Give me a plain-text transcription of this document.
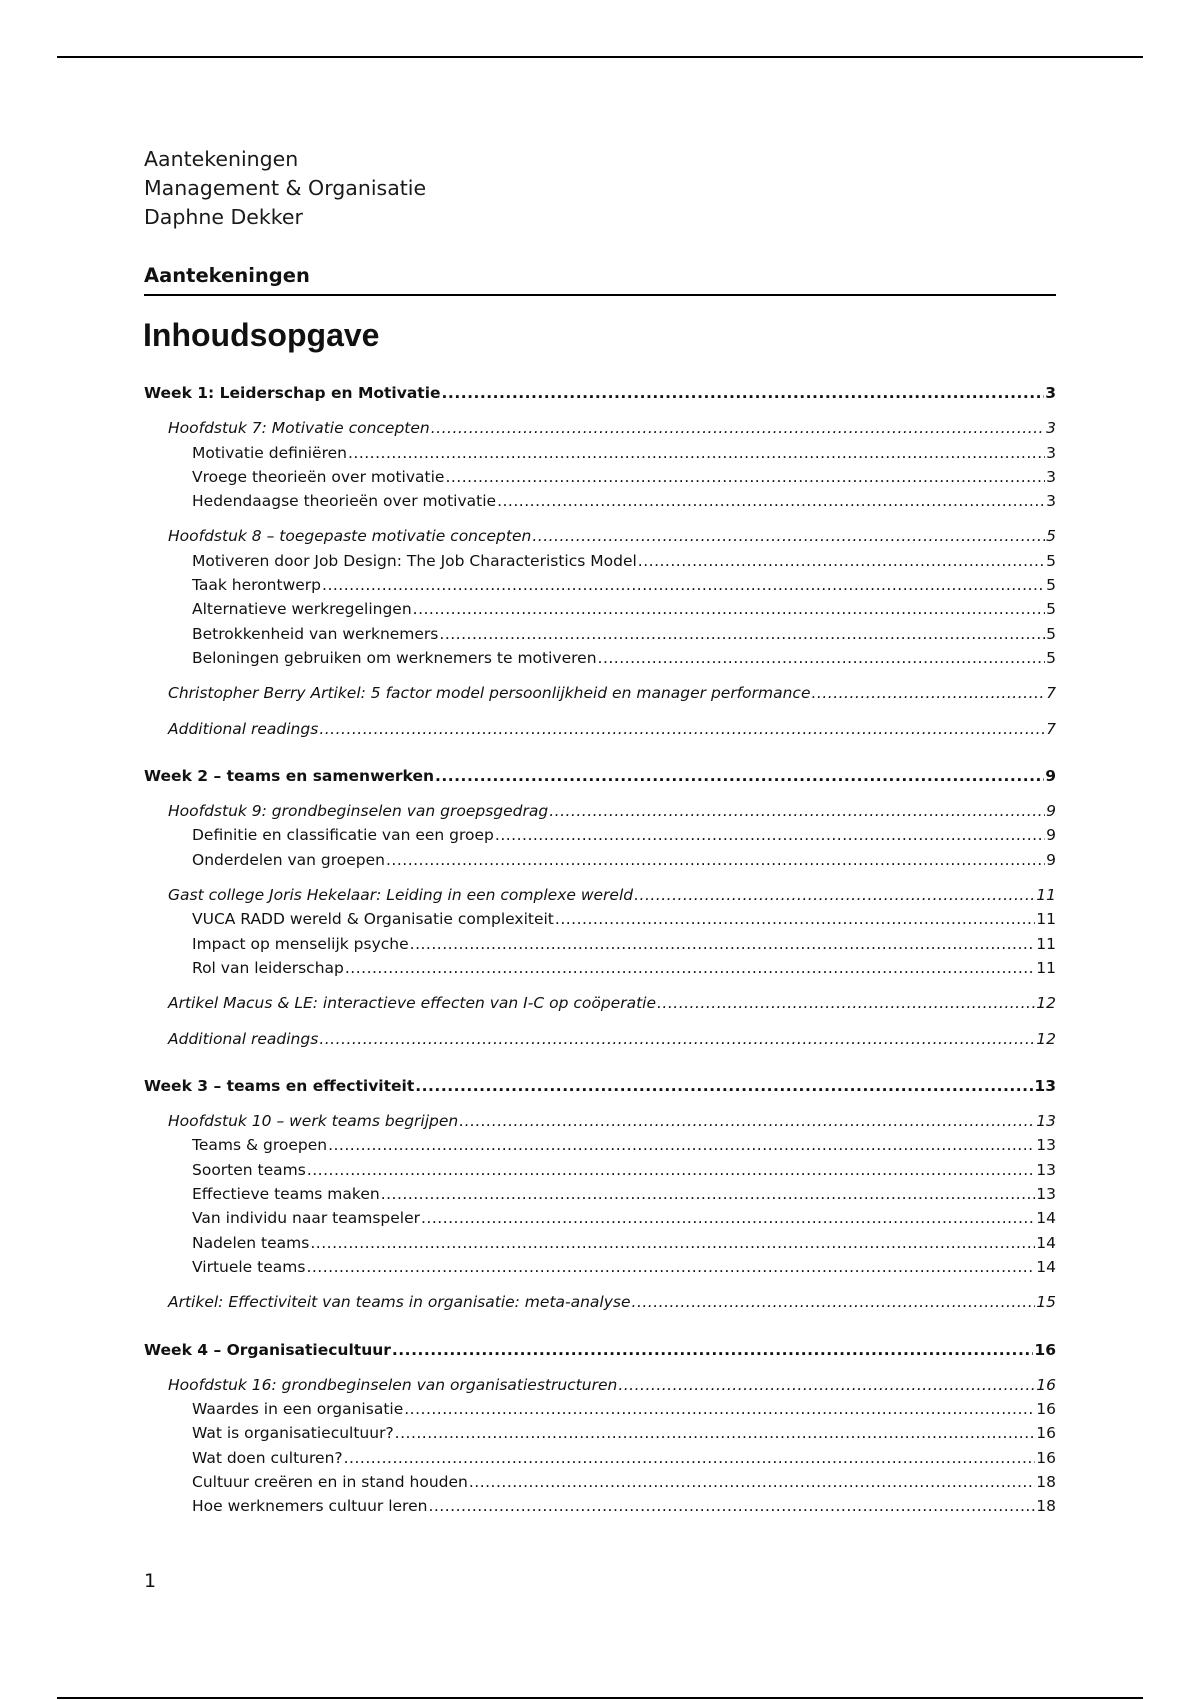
Aantekeningen
Management & Organisatie
Daphne Dekker
Aantekeningen
Inhoudsopgave
Week 1: Leiderschap en Motivatie .....	3
Hoofdstuk 7: Motivatie concepten .....	3
Motivatie definiëren .....	3
Vroege theorieën over motivatie .....	3
Hedendaagse theorieën over motivatie .....	3
Hoofdstuk 8 – toegepaste motivatie concepten .....	5
Motiveren door Job Design: The Job Characteristics Model .....	5
Taak herontwerp .....	5
Alternatieve werkregelingen .....	5
Betrokkenheid van werknemers .....	5
Beloningen gebruiken om werknemers te motiveren .....	5
Christopher Berry Artikel: 5 factor model persoonlijkheid en manager performance .....	7
Additional readings .....	7
Week 2 – teams en samenwerken .....	9
Hoofdstuk 9: grondbeginselen van groepsgedrag .....	9
Definitie en classificatie van een groep .....	9
Onderdelen van groepen .....	9
Gast college Joris Hekelaar: Leiding in een complexe wereld .....	11
VUCA RADD wereld & Organisatie complexiteit .....	11
Impact op menselijk psyche .....	11
Rol van leiderschap .....	11
Artikel Macus & LE: interactieve effecten van I-C op coöperatie .....	12
Additional readings .....	12
Week 3 – teams en effectiviteit .....	13
Hoofdstuk 10 – werk teams begrijpen .....	13
Teams & groepen .....	13
Soorten teams .....	13
Effectieve teams maken .....	13
Van individu naar teamspeler .....	14
Nadelen teams .....	14
Virtuele teams .....	14
Artikel: Effectiviteit van teams in organisatie: meta-analyse .....	15
Week 4 – Organisatiecultuur .....	16
Hoofdstuk 16: grondbeginselen van organisatiestructuren .....	16
Waardes in een organisatie .....	16
Wat is organisatiecultuur? .....	16
Wat doen culturen? .....	16
Cultuur creëren en in stand houden .....	18
Hoe werknemers cultuur leren .....	18
1
